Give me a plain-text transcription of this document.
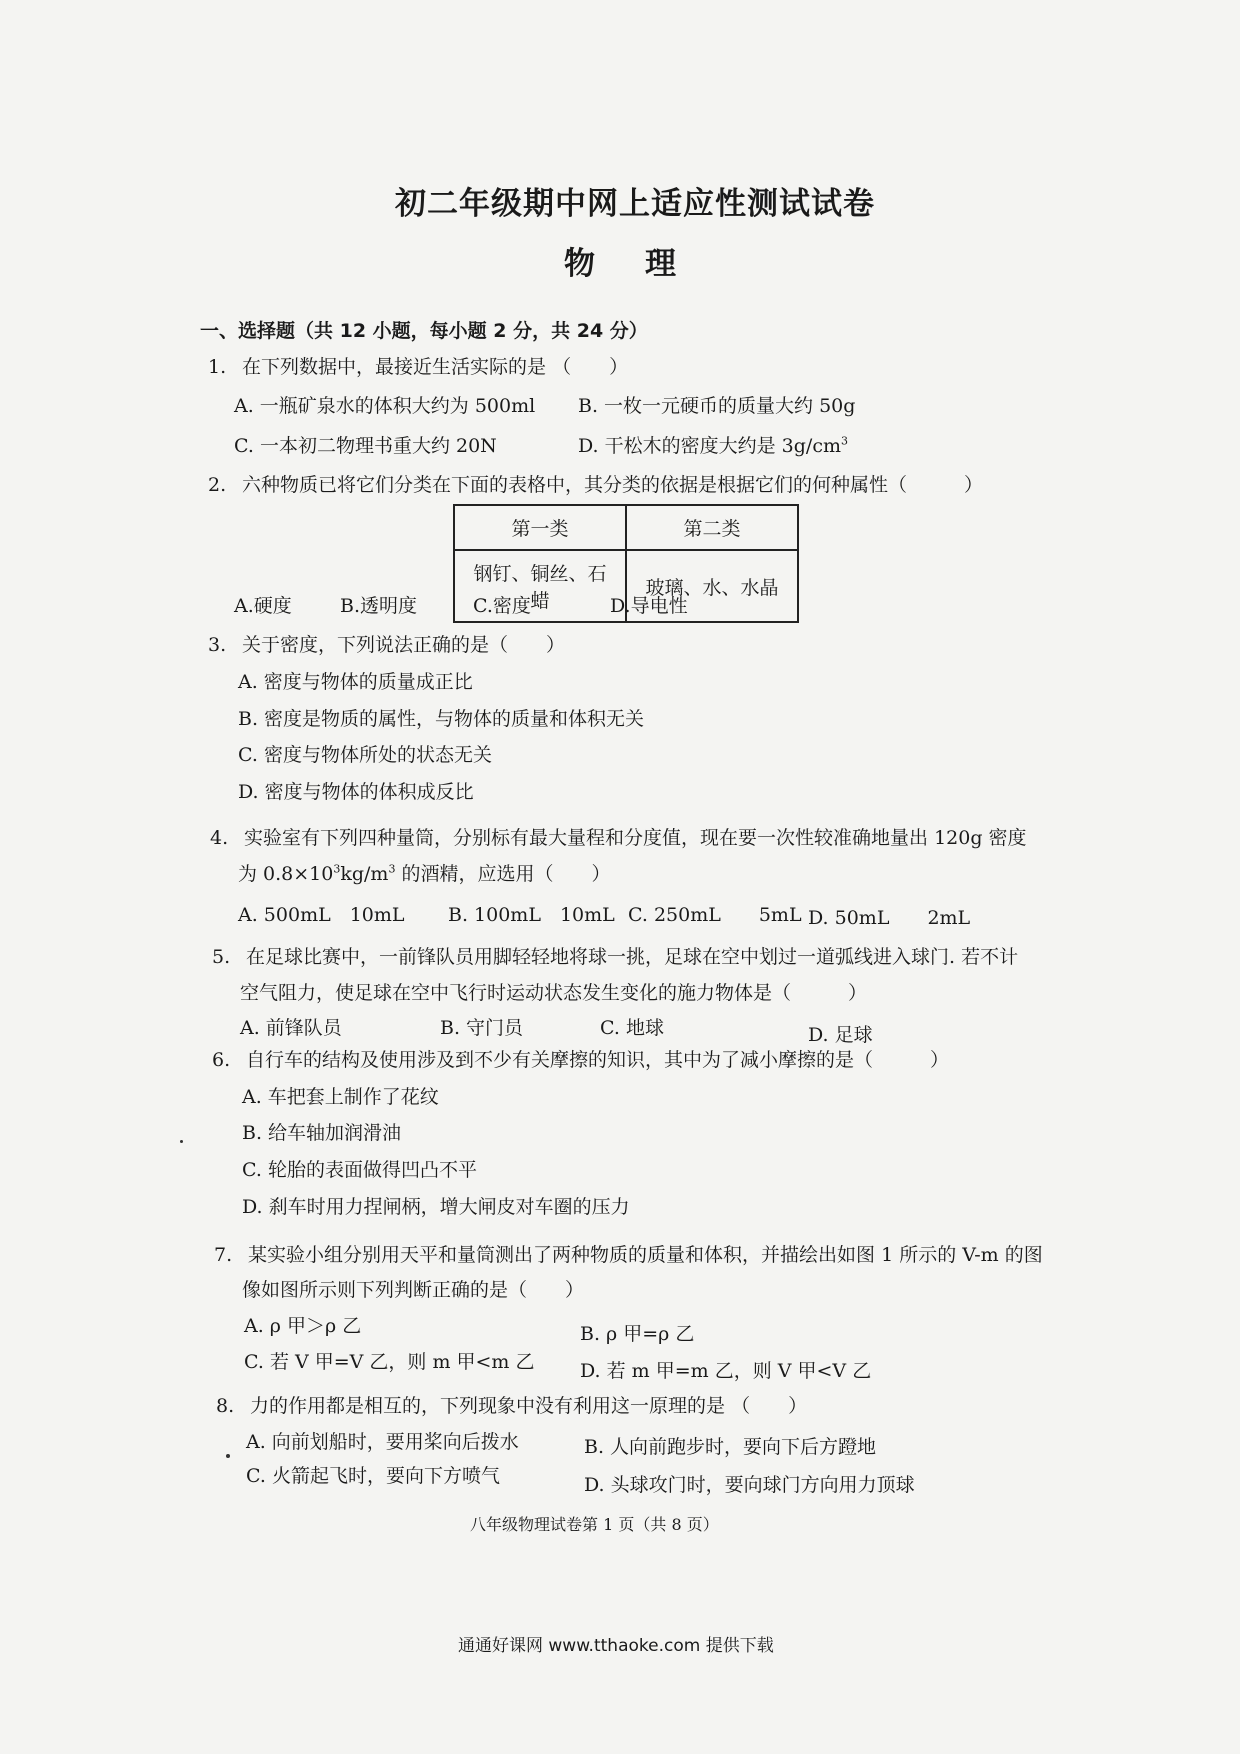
初二年级期中网上适应性测试试卷
物理
一、选择题（共 12 小题，每小题 2 分，共 24 分）
1. 在下列数据中，最接近生活实际的是 （　　）
A. 一瓶矿泉水的体积大约为 500ml B. 一枚一元硬币的质量大约 50g
C. 一本初二物理书重大约 20N	D. 干松木的密度大约是 $3g/cm^3$
2. 六种物质已将它们分类在下面的表格中，其分类的依据是根据它们的何种属性（　　　）
第一类	第二类
钢钉、铜丝、石蜡	玻璃、水、水晶
A.硬度	B.透明度	C.密度	D.导电性
3. 关于密度，下列说法正确的是（　　）
A. 密度与物体的质量成正比
B. 密度是物质的属性，与物体的质量和体积无关
C. 密度与物体所处的状态无关
D. 密度与物体的体积成反比
4. 实验室有下列四种量筒，分别标有最大量程和分度值，现在要一次性较准确地量出 120g 密度
为 $0.8\times 10^3kg/m^3$ 的酒精，应选用（　　）
A. 500mL　10mL B. 100mL　10mL C. 250mL　　5mL D. 50mL　　2mL
5. 在足球比赛中，一前锋队员用脚轻轻地将球一挑，足球在空中划过一道弧线进入球门. 若不计
空气阻力，使足球在空中飞行时运动状态发生变化的施力物体是（　　　）
A. 前锋队员	B. 守门员	C. 地球	D. 足球
6. 自行车的结构及使用涉及到不少有关摩擦的知识，其中为了减小摩擦的是（　　　）
A. 车把套上制作了花纹
B. 给车轴加润滑油
C. 轮胎的表面做得凹凸不平
D. 刹车时用力捏闸柄，增大闸皮对车圈的压力
7. 某实验小组分别用天平和量筒测出了两种物质的质量和体积，并描绘出如图 1 所示的 V-m 的图
像如图所示则下列判断正确的是（　　）
A. ρ 甲＞ρ 乙	B. ρ 甲=ρ 乙
C. 若 V 甲=V 乙，则 m 甲<m 乙 D. 若 m 甲=m 乙，则 V 甲<V 乙
8. 力的作用都是相互的，下列现象中没有利用这一原理的是 （　　）
A. 向前划船时，要用桨向后拨水	B. 人向前跑步时，要向下后方蹬地
C. 火箭起飞时，要向下方喷气	D. 头球攻门时，要向球门方向用力顶球
八年级物理试卷第 1 页（共 8 页）
通通好课网 www.tthaoke.com 提供下载
